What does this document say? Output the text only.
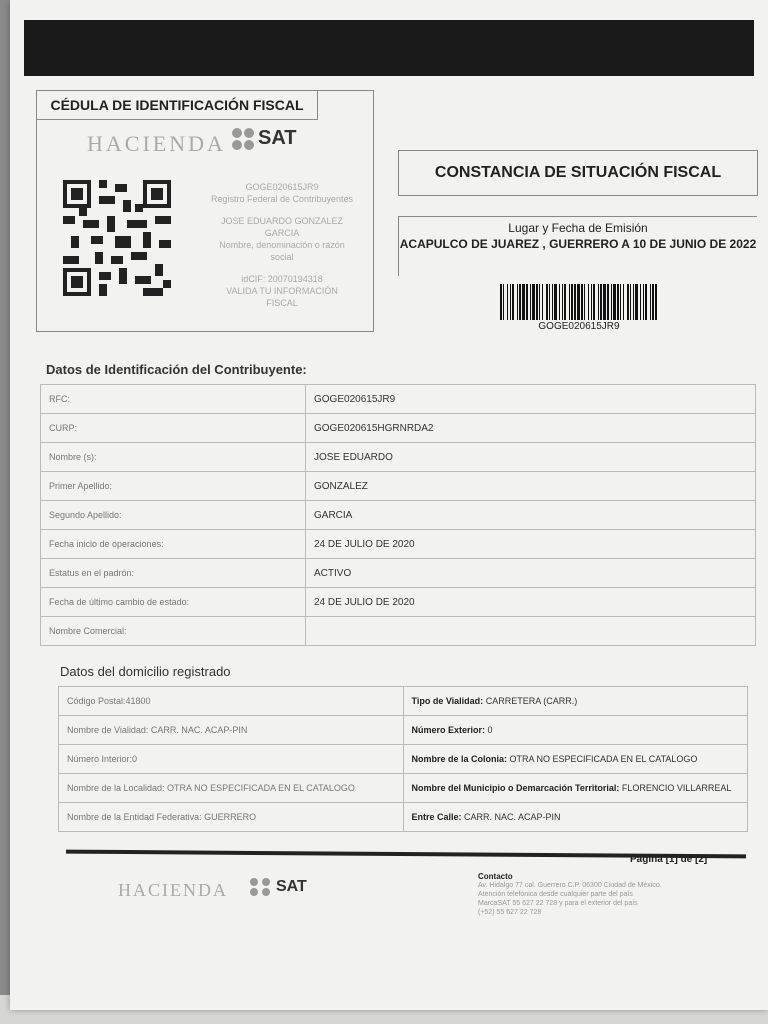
CÉDULA DE IDENTIFICACIÓN FISCAL
HACIENDA SAT
GOGE020615JR9
Registro Federal de Contribuyentes
JOSE EDUARDO GONZALEZ
GARCIA
Nombre, denominación o razón
social
idCIF: 20070194318
VALIDA TU INFORMACIÓN
FISCAL
CONSTANCIA DE SITUACIÓN FISCAL
Lugar y Fecha de Emisión
ACAPULCO DE JUAREZ , GUERRERO A 10 DE JUNIO DE 2022
GOGE020615JR9
Datos de Identificación del Contribuyente:
RFC:	GOGE020615JR9
CURP:	GOGE020615HGRNRDA2
Nombre (s):	JOSE EDUARDO
Primer Apellido:	GONZALEZ
Segundo Apellido:	GARCIA
Fecha inicio de operaciones:	24 DE JULIO DE 2020
Estatus en el padrón:	ACTIVO
Fecha de último cambio de estado:	24 DE JULIO DE 2020
Nombre Comercial:	
Datos del domicilio registrado
Código Postal:41800	Tipo de Vialidad: CARRETERA (CARR.)
Nombre de Vialidad: CARR. NAC. ACAP-PIN	Número Exterior: 0
Número Interior:0	Nombre de la Colonia: OTRA NO ESPECIFICADA EN EL CATALOGO
Nombre de la Localidad: OTRA NO ESPECIFICADA EN EL CATALOGO	Nombre del Municipio o Demarcación Territorial: FLORENCIO VILLARREAL
Nombre de la Entidad Federativa: GUERRERO	Entre Calle: CARR. NAC. ACAP-PIN
Página [1] de [2]
HACIENDA	SAT
Contacto
Av. Hidalgo 77 col. Guerrero C.P. 06300 Ciudad de México.
Atención telefónica desde cualquier parte del país
MarcaSAT 55 627 22 728 y para el exterior del país
(+52) 55 627 22 728
